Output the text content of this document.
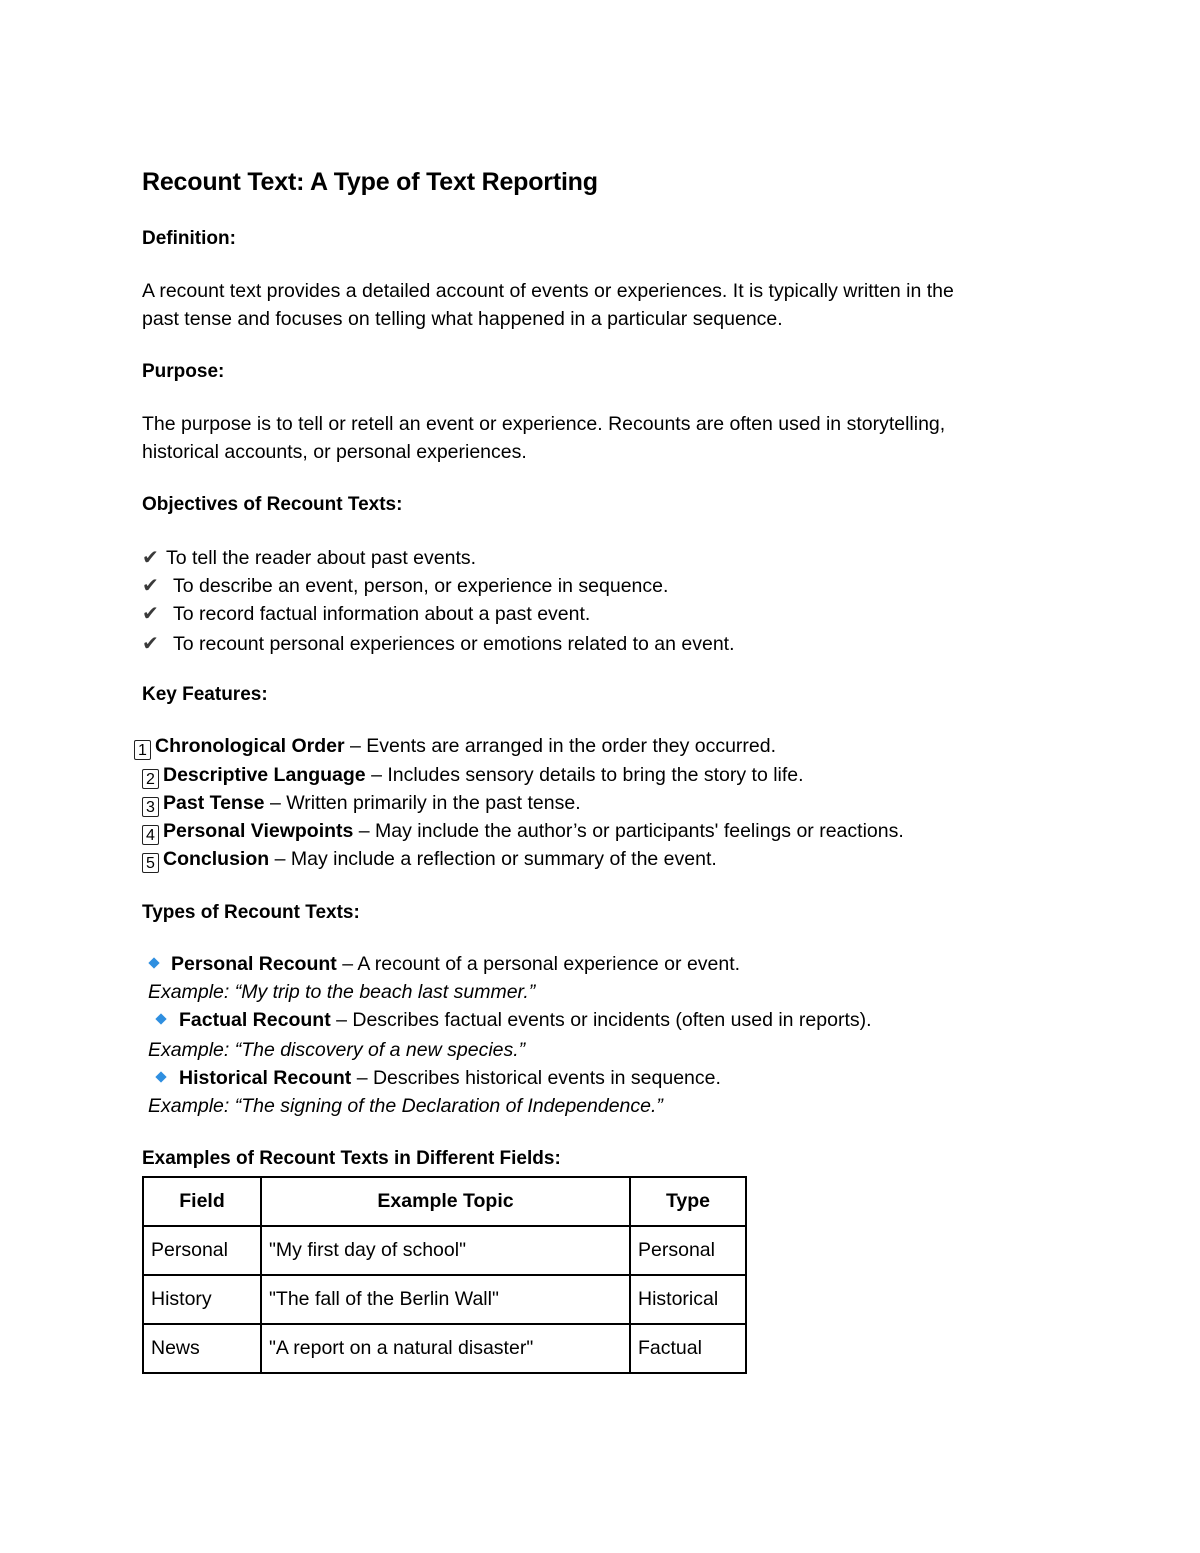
Recount Text: A Type of Text Reporting
Definition:
A recount text provides a detailed account of events or experiences. It is typically written in the
past tense and focuses on telling what happened in a particular sequence.
Purpose:
The purpose is to tell or retell an event or experience. Recounts are often used in storytelling,
historical accounts, or personal experiences.
Objectives of Recount Texts:
✔ To tell the reader about past events.
✔ To describe an event, person, or experience in sequence.
✔ To record factual information about a past event.
✔ To recount personal experiences or emotions related to an event.
Key Features:
1 Chronological Order – Events are arranged in the order they occurred.
2 Descriptive Language – Includes sensory details to bring the story to life.
3 Past Tense – Written primarily in the past tense.
4 Personal Viewpoints – May include the author’s or participants' feelings or reactions.
5 Conclusion – May include a reflection or summary of the event.
Types of Recount Texts:
Personal Recount – A recount of a personal experience or event.
Example: “My trip to the beach last summer.”
Factual Recount – Describes factual events or incidents (often used in reports).
Example: “The discovery of a new species.”
Historical Recount – Describes historical events in sequence.
Example: “The signing of the Declaration of Independence.”
Examples of Recount Texts in Different Fields:
Field	Example Topic	Type
Personal	"My first day of school"	Personal
History	"The fall of the Berlin Wall"	Historical
News	"A report on a natural disaster"	Factual
